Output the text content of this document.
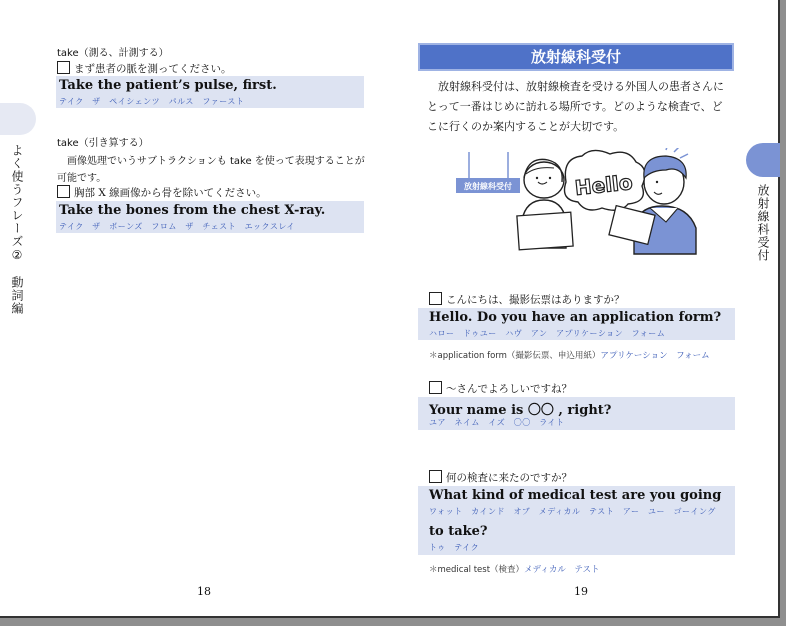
take（測る、計測する）
まず患者の脈を測ってください。
Take the patient’s pulse, first.
テイク　ザ　ペイシェンツ　パルス　ファースト
take（引き算する）
画像処理でいうサブトラクションも take を使って表現することが
可能です。
胸部 X 線画像から骨を除いてください。
Take the bones from the chest X-ray.
テイク　ザ　ボーンズ　フロム　ザ　チェスト　エックスレイ
よく使うフレーズ②　動詞編
18
放射線科受付
放射線科受付は、放射線検査を受ける外国人の患者さんにとって一番はじめに訪れる場所です。どのような検査で、どこに行くのか案内することが大切です。
放射線科受付	Hello
こんにちは、撮影伝票はありますか？
Hello. Do you have an application form?
ハロー　ドゥユー　ハヴ　アン　アプリケーション　フォーム
＊application form（撮影伝票、申込用紙）アプリケーション　フォーム
～さんでよろしいですね？
Your name is 〇〇 , right?
ユア　ネイム　イズ　〇〇　ライト
何の検査に来たのですか？
What kind of medical test are you going
ワォット　カインド　オブ　メディカル　テスト　アー　ユー　ゴーイング
to take?
トゥ　テイク
＊medical test（検査）メディカル　テスト
放射線科受付
19
